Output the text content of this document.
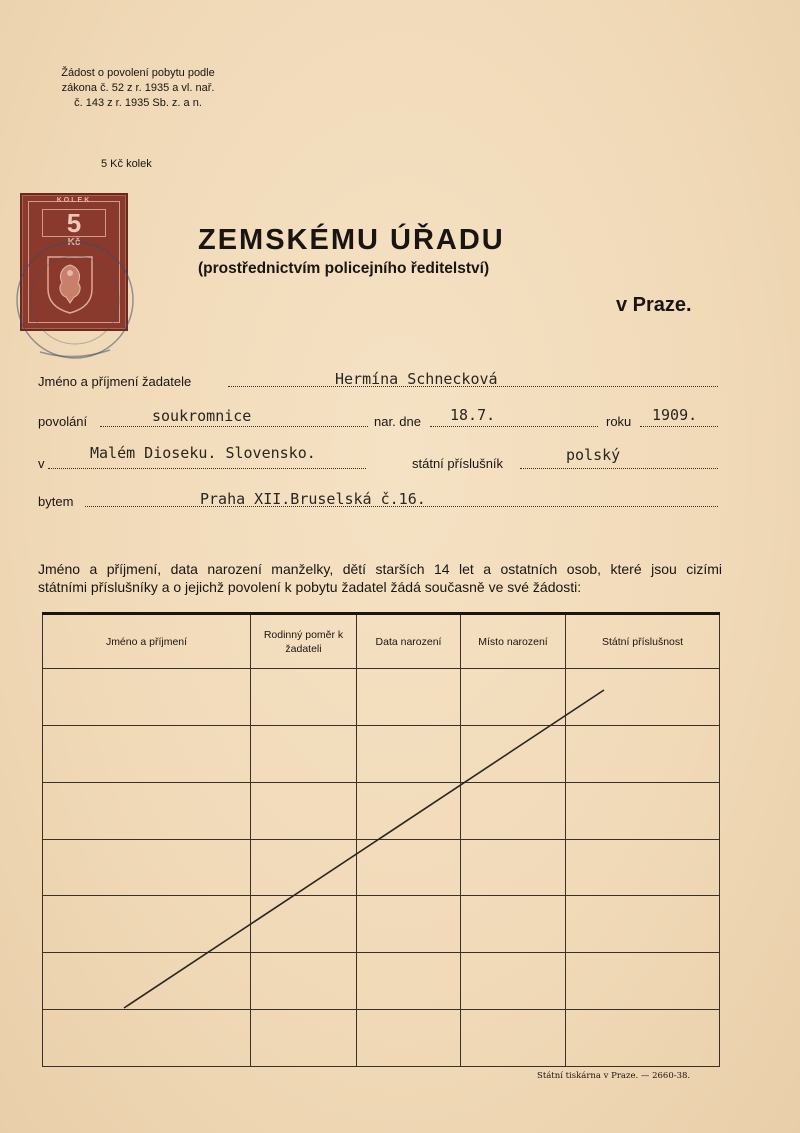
Žádost o povolení pobytu podle
zákona č. 52 z r. 1935 a vl. nař.
č. 143 z r. 1935 Sb. z. a n.
5 Kč kolek
KOLEK
5
Kč	ZEMSKÉMU ÚŘADU
(prostřednictvím policejního ředitelství)
v Praze.
Jméno a příjmení žadatele	Hermína Schnecková
povolání	soukromnice	nar. dne 18.7.	roku 1909.
v
Malém Dioseku. Slovensko.
státní příslušník	polský
bytem	Praha XII.Bruselská č.16.
Jméno a příjmení, data narození manželky, dětí starších 14 let a ostatních osob, které jsou cizími
státními příslušníky a o jejichž povolení k pobytu žadatel žádá současně ve své žádosti:
Jméno a příjmení	Rodinný poměr k žadateli	Data narození	Místo narození	Státní příslušnost

Státní tiskárna v Praze. — 2660-38.
